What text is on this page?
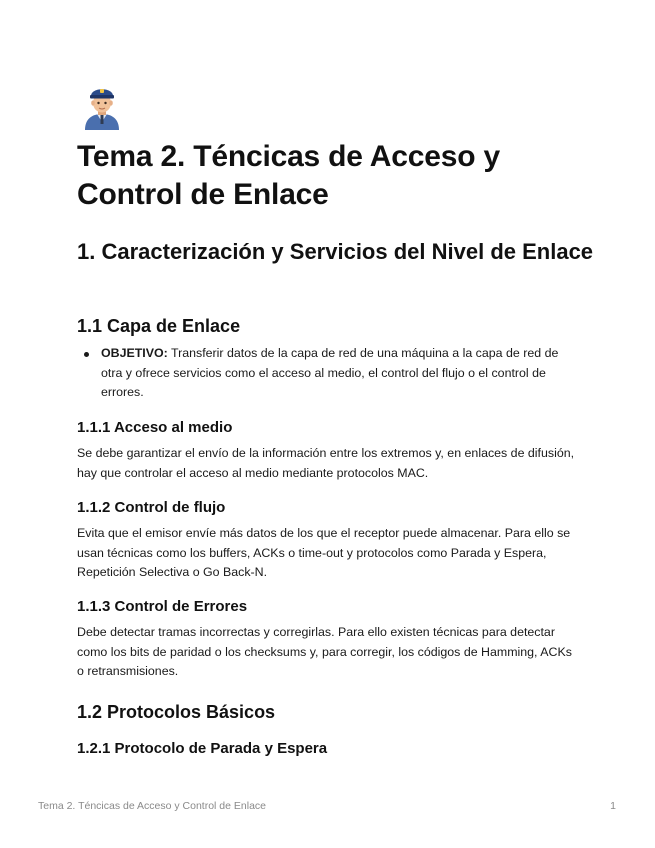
Tema 2. Téncicas de Acceso y Control de Enlace
1. Caracterización y Servicios del Nivel de Enlace
1.1 Capa de Enlace
OBJETIVO: Transferir datos de la capa de red de una máquina a la capa de red de otra y ofrece servicios como el acceso al medio, el control del flujo o el control de errores.
1.1.1 Acceso al medio

Se debe garantizar el envío de la información entre los extremos y, en enlaces de difusión, hay que controlar el acceso al medio mediante protocolos MAC.

1.1.2 Control de flujo

Evita que el emisor envíe más datos de los que el receptor puede almacenar. Para ello se usan técnicas como los buffers, ACKs o time-out y protocolos como Parada y Espera, Repetición Selectiva o Go Back-N.

1.1.3 Control de Errores

Debe detectar tramas incorrectas y corregirlas. Para ello existen técnicas para detectar como los bits de paridad o los checksums y, para corregir, los códigos de Hamming, ACKs o retransmisiones.

1.2 Protocolos Básicos
1.2.1 Protocolo de Parada y Espera
Tema 2. Téncicas de Acceso y Control de Enlace	1
